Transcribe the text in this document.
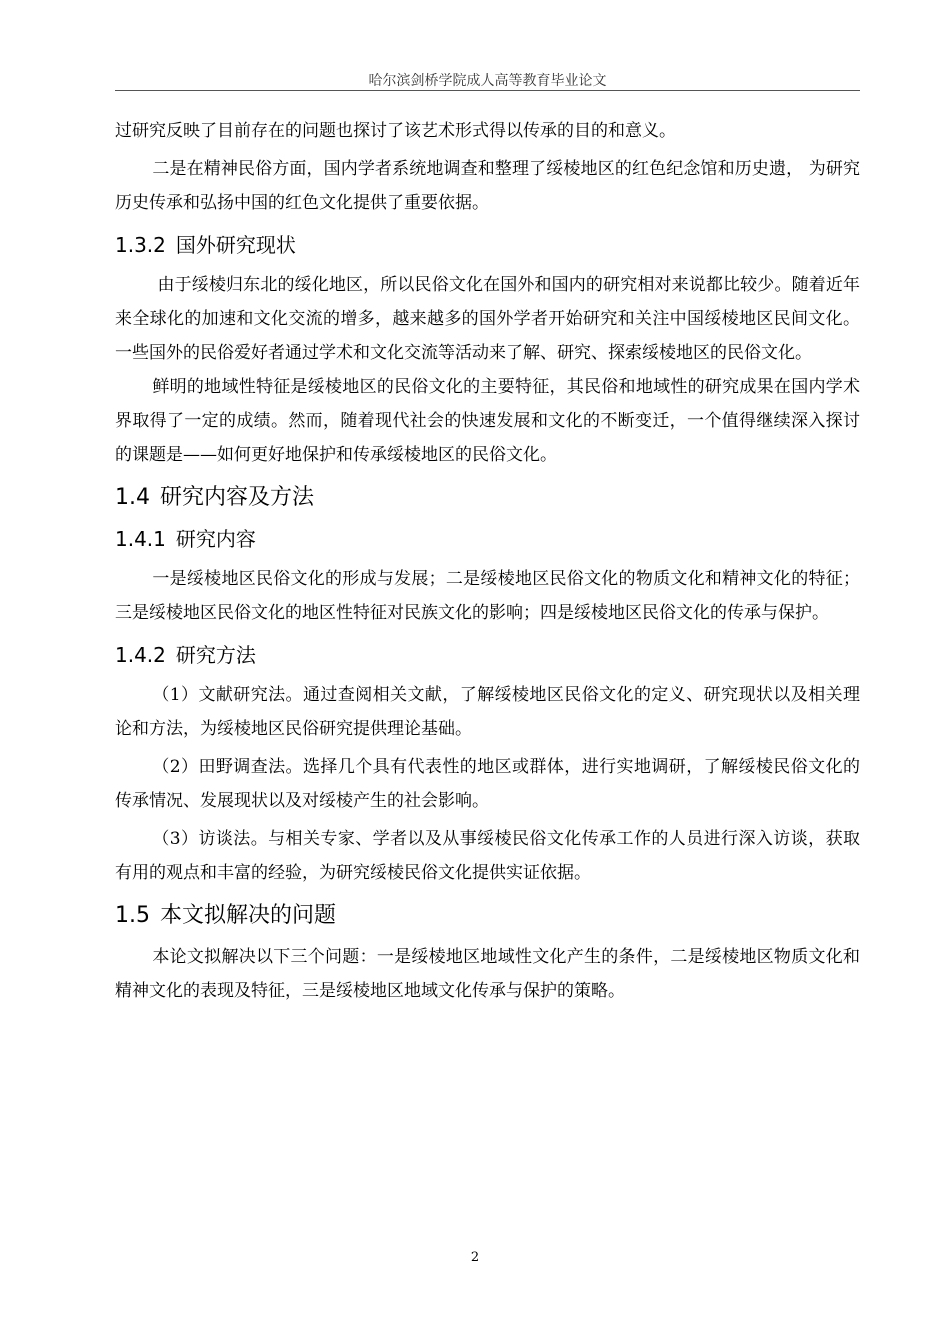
哈尔滨剑桥学院成人高等教育毕业论文

过研究反映了目前存在的问题也探讨了该艺术形式得以传承的目的和意义。

二是在精神民俗方面，国内学者系统地调查和整理了绥棱地区的红色纪念馆和历史遗， 为研究历史传承和弘扬中国的红色文化提供了重要依据。

1.3.2 国外研究现状

由于绥棱归东北的绥化地区，所以民俗文化在国外和国内的研究相对来说都比较少。随着近年来全球化的加速和文化交流的增多，越来越多的国外学者开始研究和关注中国绥棱地区民间文化。一些国外的民俗爱好者通过学术和文化交流等活动来了解、研究、探索绥棱地区的民俗文化。

鲜明的地域性特征是绥棱地区的民俗文化的主要特征，其民俗和地域性的研究成果在国内学术界取得了一定的成绩。然而，随着现代社会的快速发展和文化的不断变迁，一个值得继续深入探讨的课题是——如何更好地保护和传承绥棱地区的民俗文化。

1.4 研究内容及方法
1.4.1 研究内容

一是绥棱地区民俗文化的形成与发展；二是绥棱地区民俗文化的物质文化和精神文化的特征；三是绥棱地区民俗文化的地区性特征对民族文化的影响；四是绥棱地区民俗文化的传承与保护。

1.4.2 研究方法

（1）文献研究法。通过查阅相关文献，了解绥棱地区民俗文化的定义、研究现状以及相关理论和方法，为绥棱地区民俗研究提供理论基础。

（2）田野调查法。选择几个具有代表性的地区或群体，进行实地调研，了解绥棱民俗文化的传承情况、发展现状以及对绥棱产生的社会影响。

（3）访谈法。与相关专家、学者以及从事绥棱民俗文化传承工作的人员进行深入访谈，获取有用的观点和丰富的经验，为研究绥棱民俗文化提供实证依据。

1.5 本文拟解决的问题

本论文拟解决以下三个问题：一是绥棱地区地域性文化产生的条件，二是绥棱地区物质文化和精神文化的表现及特征，三是绥棱地区地域文化传承与保护的策略。

2
